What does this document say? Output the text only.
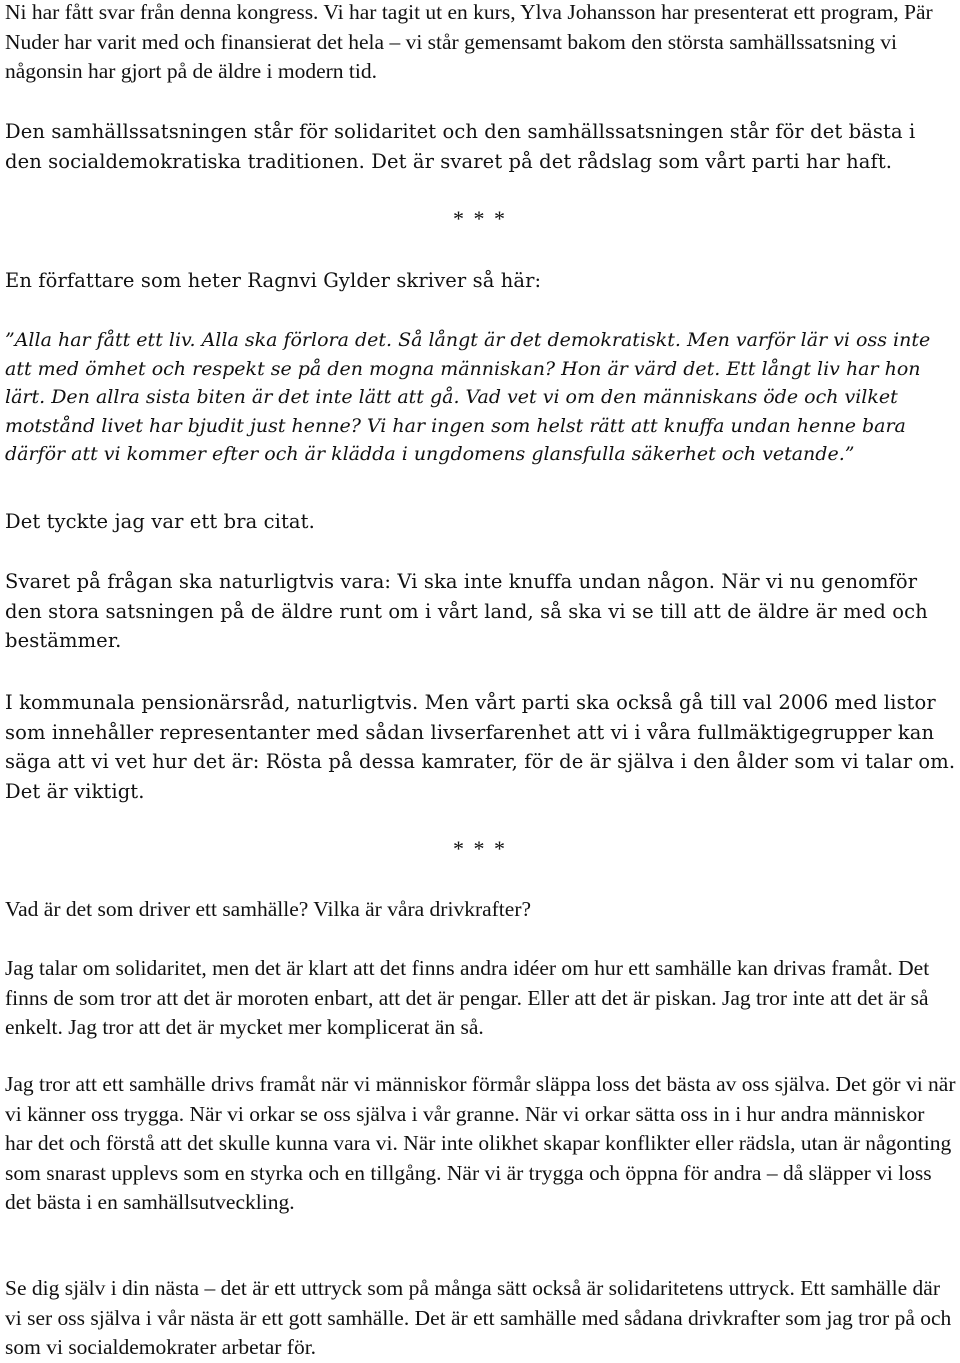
Ni har fått svar från denna kongress. Vi har tagit ut en kurs, Ylva Johansson har presenterat ett program, Pär Nuder har varit med och finansierat det hela – vi står gemensamt bakom den största samhällssatsning vi någonsin har gjort på de äldre i modern tid.

Den samhällssatsningen står för solidaritet och den samhällssatsningen står för det bästa i den socialdemokratiska traditionen. Det är svaret på det rådslag som vårt parti har haft.

* * *

En författare som heter Ragnvi Gylder skriver så här:

”Alla har fått ett liv. Alla ska förlora det. Så långt är det demokratiskt. Men varför lär vi oss inte att med ömhet och respekt se på den mogna människan? Hon är värd det. Ett långt liv har hon lärt. Den allra sista biten är det inte lätt att gå. Vad vet vi om den människans öde och vilket motstånd livet har bjudit just henne? Vi har ingen som helst rätt att knuffa undan henne bara därför att vi kommer efter och är klädda i ungdomens glansfulla säkerhet och vetande.”

Det tyckte jag var ett bra citat.

Svaret på frågan ska naturligtvis vara: Vi ska inte knuffa undan någon. När vi nu genomför den stora satsningen på de äldre runt om i vårt land, så ska vi se till att de äldre är med och bestämmer.

I kommunala pensionärsråd, naturligtvis. Men vårt parti ska också gå till val 2006 med listor som innehåller representanter med sådan livserfarenhet att vi i våra fullmäktigegrupper kan säga att vi vet hur det är: Rösta på dessa kamrater, för de är själva i den ålder som vi talar om. Det är viktigt.

* * *

Vad är det som driver ett samhälle? Vilka är våra drivkrafter?

Jag talar om solidaritet, men det är klart att det finns andra idéer om hur ett samhälle kan drivas framåt. Det finns de som tror att det är moroten enbart, att det är pengar. Eller att det är piskan. Jag tror inte att det är så enkelt. Jag tror att det är mycket mer komplicerat än så.

Jag tror att ett samhälle drivs framåt när vi människor förmår släppa loss det bästa av oss själva. Det gör vi när vi känner oss trygga. När vi orkar se oss själva i vår granne. När vi orkar sätta oss in i hur andra människor har det och förstå att det skulle kunna vara vi. När inte olikhet skapar konflikter eller rädsla, utan är någonting som snarast upplevs som en styrka och en tillgång. När vi är trygga och öppna för andra – då släpper vi loss det bästa i en samhällsutveckling.

Se dig själv i din nästa – det är ett uttryck som på många sätt också är solidaritetens uttryck. Ett samhälle där vi ser oss själva i vår nästa är ett gott samhälle. Det är ett samhälle med sådana drivkrafter som jag tror på och som vi socialdemokrater arbetar för.
